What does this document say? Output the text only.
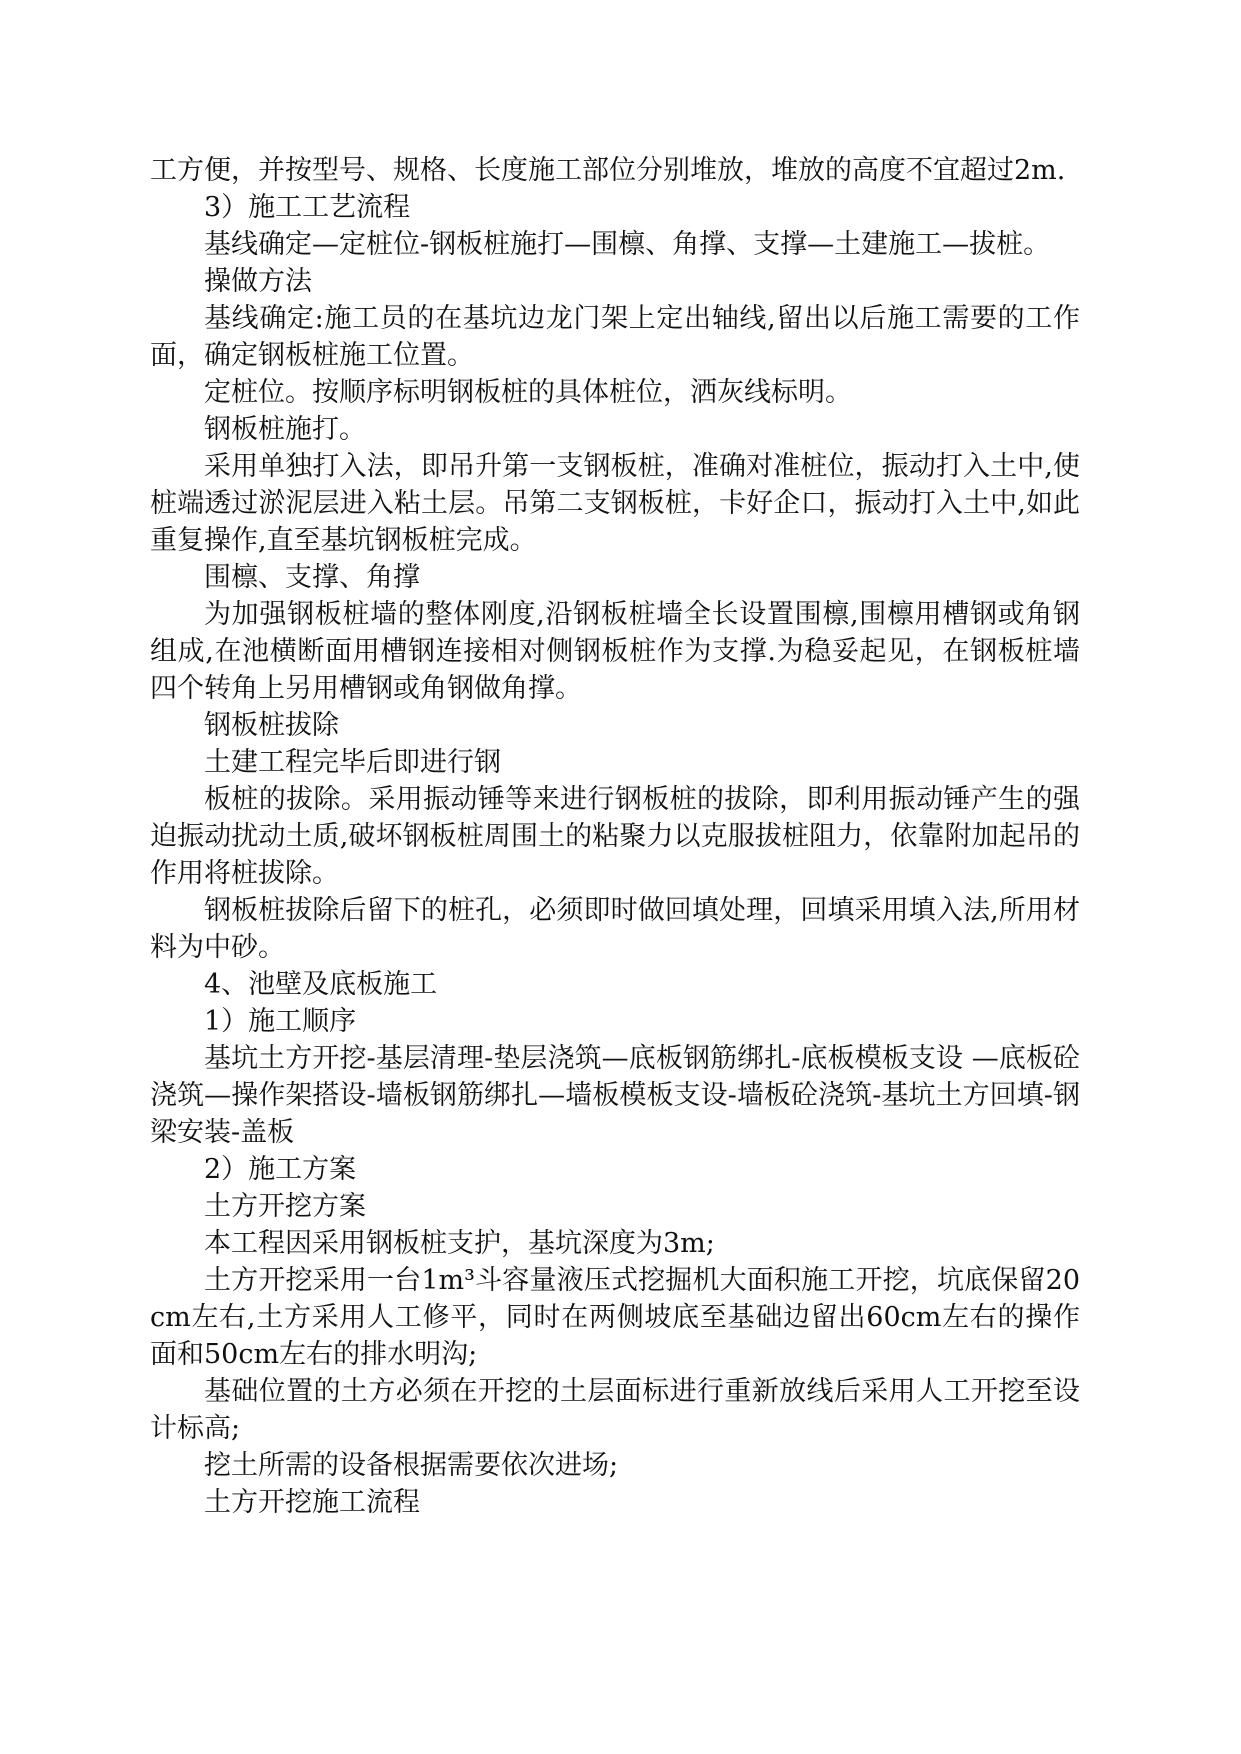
工方便，并按型号、规格、长度施工部位分别堆放，堆放的高度不宜超过2m.

3）施工工艺流程

基线确定—定桩位-钢板桩施打—围檩、角撑、支撑—土建施工—拔桩。

操做方法

基线确定:施工员的在基坑边龙门架上定出轴线,留出以后施工需要的工作面，确定钢板桩施工位置。

定桩位。按顺序标明钢板桩的具体桩位，洒灰线标明。

钢板桩施打。

采用单独打入法，即吊升第一支钢板桩，准确对准桩位，振动打入土中,使桩端透过淤泥层进入粘土层。吊第二支钢板桩，卡好企口，振动打入土中,如此重复操作,直至基坑钢板桩完成。

围檩、支撑、角撑

为加强钢板桩墙的整体刚度,沿钢板桩墙全长设置围檩,围檩用槽钢或角钢组成,在池横断面用槽钢连接相对侧钢板桩作为支撑.为稳妥起见，在钢板桩墙四个转角上另用槽钢或角钢做角撑。

钢板桩拔除

土建工程完毕后即进行钢

板桩的拔除。采用振动锤等来进行钢板桩的拔除，即利用振动锤产生的强迫振动扰动土质,破坏钢板桩周围土的粘聚力以克服拔桩阻力，依靠附加起吊的作用将桩拔除。

钢板桩拔除后留下的桩孔，必须即时做回填处理，回填采用填入法,所用材料为中砂。

4、池壁及底板施工

1）施工顺序

基坑土方开挖-基层清理-垫层浇筑—底板钢筋绑扎-底板模板支设 —底板砼浇筑—操作架搭设-墙板钢筋绑扎—墙板模板支设-墙板砼浇筑-基坑土方回填-钢梁安装-盖板

2）施工方案

土方开挖方案

本工程因采用钢板桩支护，基坑深度为3m;

土方开挖采用一台1m³斗容量液压式挖掘机大面积施工开挖，坑底保留20cm左右,土方采用人工修平，同时在两侧坡底至基础边留出60cm左右的操作面和50cm左右的排水明沟;

基础位置的土方必须在开挖的土层面标进行重新放线后采用人工开挖至设计标高;

挖土所需的设备根据需要依次进场;

土方开挖施工流程
